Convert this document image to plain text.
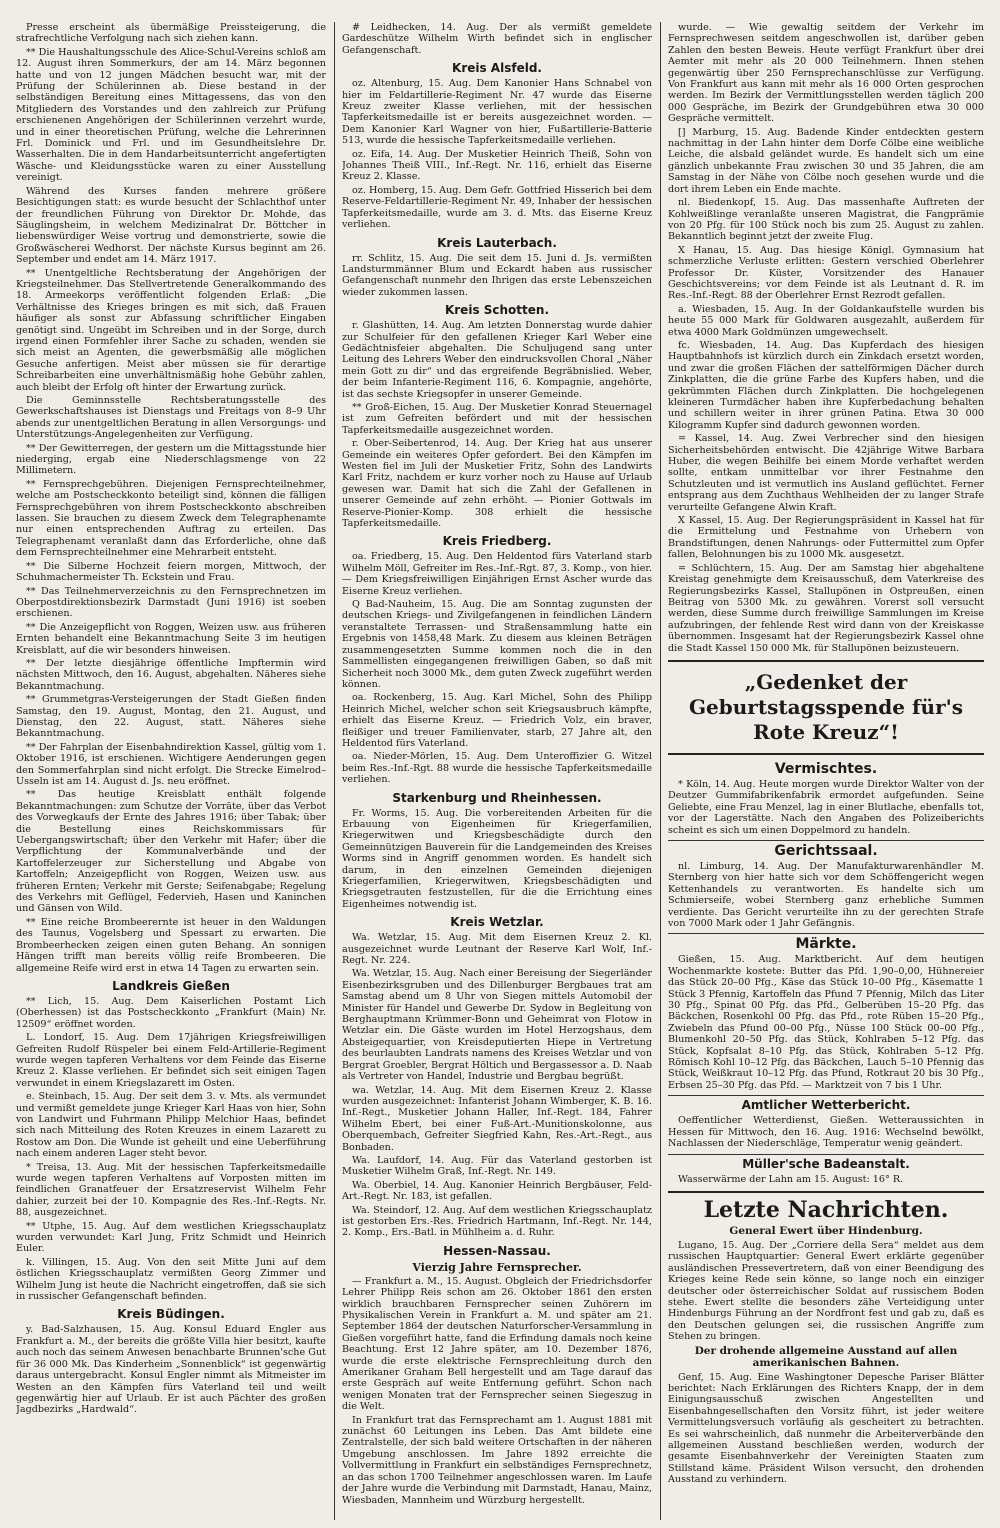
Presse erscheint als übermäßige Preissteigerung, die strafrechtliche Verfolgung nach sich ziehen kann.

** Die Haushaltungsschule des Alice-Schul-Vereins schloß am 12. August ihren Sommerkurs, der am 14. März begonnen hatte und von 12 jungen Mädchen besucht war, mit der Prüfung der Schülerinnen ab. Diese bestand in der selbständigen Bereitung eines Mittagessens, das von den Mitgliedern des Vorstandes und den zahlreich zur Prüfung erschienenen Angehörigen der Schülerinnen verzehrt wurde, und in einer theoretischen Prüfung, welche die Lehrerinnen Frl. Dominick und Frl. und im Gesundheitslehre Dr. Wasserhalten. Die in dem Handarbeitsunterricht angefertigten Wäsche- und Kleidungsstücke waren zu einer Ausstellung vereinigt.

Während des Kurses fanden mehrere größere Besichtigungen statt: es wurde besucht der Schlachthof unter der freundlichen Führung von Direktor Dr. Mohde, das Säuglingsheim, in welchem Medizinalrat Dr. Böttcher in liebenswürdiger Weise vortrug und demonstrierte, sowie die Großwäscherei Wedhorst. Der nächste Kursus beginnt am 26. September und endet am 14. März 1917.

** Unentgeltliche Rechtsberatung der Angehörigen der Kriegsteilnehmer. Das Stellvertretende Generalkommando des 18. Armeekorps veröffentlicht folgenden Erlaß: „Die Verhältnisse des Krieges bringen es mit sich, daß Frauen häufiger als sonst zur Abfassung schriftlicher Eingaben genötigt sind. Ungeübt im Schreiben und in der Sorge, durch irgend einen Formfehler ihrer Sache zu schaden, wenden sie sich meist an Agenten, die gewerbsmäßig alle möglichen Gesuche anfertigen. Meist aber müssen sie für derartige Schreibarbeiten eine unverhältnismäßig hohe Gebühr zahlen, auch bleibt der Erfolg oft hinter der Erwartung zurück.

Die Geminnsstelle Rechtsberatungsstelle des Gewerkschaftshauses ist Dienstags und Freitags von 8–9 Uhr abends zur unentgeltlichen Beratung in allen Versorgungs- und Unterstützungs-Angelegenheiten zur Verfügung.

** Der Gewitterregen, der gestern um die Mittagsstunde hier niederging, ergab eine Niederschlagsmenge von 22 Millimetern.

** Fernsprechgebühren. Diejenigen Fernsprechteilnehmer, welche am Postscheckkonto beteiligt sind, können die fälligen Fernsprechgebühren von ihrem Postscheckkonto abschreiben lassen. Sie brauchen zu diesem Zweck dem Telegraphenamte nur einen entsprechenden Auftrag zu erteilen. Das Telegraphenamt veranlaßt dann das Erforderliche, ohne daß dem Fernsprechteilnehmer eine Mehrarbeit entsteht.

** Die Silberne Hochzeit feiern morgen, Mittwoch, der Schuhmachermeister Th. Eckstein und Frau.

** Das Teilnehmerverzeichnis zu den Fernsprechnetzen im Oberpostdirektionsbezirk Darmstadt (Juni 1916) ist soeben erschienen.

** Die Anzeigepflicht von Roggen, Weizen usw. aus früheren Ernten behandelt eine Bekanntmachung Seite 3 im heutigen Kreisblatt, auf die wir besonders hinweisen.

** Der letzte diesjährige öffentliche Impftermin wird nächsten Mittwoch, den 16. August, abgehalten. Näheres siehe Bekanntmachung.

** Grummetgras-Versteigerungen der Stadt Gießen finden Samstag, den 19. August, Montag, den 21. August, und Dienstag, den 22. August, statt. Näheres siehe Bekanntmachung.

** Der Fahrplan der Eisenbahndirektion Kassel, gültig vom 1. Oktober 1916, ist erschienen. Wichtigere Aenderungen gegen den Sommerfahrplan sind nicht erfolgt. Die Strecke Eimelrod–Usseln ist am 14. August d. Js. neu eröffnet.

** Das heutige Kreisblatt enthält folgende Bekanntmachungen: zum Schutze der Vorräte, über das Verbot des Vorwegkaufs der Ernte des Jahres 1916; über Tabak; über die Bestellung eines Reichskommissars für Uebergangswirtschaft; über den Verkehr mit Hafer; über die Verpflichtung der Kommunalverbände und der Kartoffelerzeuger zur Sicherstellung und Abgabe von Kartoffeln; Anzeigepflicht von Roggen, Weizen usw. aus früheren Ernten; Verkehr mit Gerste; Seifenabgabe; Regelung des Verkehrs mit Geflügel, Federvieh, Hasen und Kaninchen und Gänsen von Wild.

** Eine reiche Brombeerernte ist heuer in den Waldungen des Taunus, Vogelsberg und Spessart zu erwarten. Die Brombeerhecken zeigen einen guten Behang. An sonnigen Hängen trifft man bereits völlig reife Brombeeren. Die allgemeine Reife wird erst in etwa 14 Tagen zu erwarten sein.

Landkreis Gießen

** Lich, 15. Aug. Dem Kaiserlichen Postamt Lich (Oberhessen) ist das Postscheckkonto „Frankfurt (Main) Nr. 12509“ eröffnet worden.

L. Londorf, 15. Aug. Dem 17jährigen Kriegsfreiwilligen Gefreiten Rudolf Rüspeler bei einem Feld-Artillerie-Regiment wurde wegen tapferen Verhaltens vor dem Feinde das Eiserne Kreuz 2. Klasse verliehen. Er befindet sich seit einigen Tagen verwundet in einem Kriegslazarett im Osten.

e. Steinbach, 15. Aug. Der seit dem 3. v. Mts. als vermundet und vermißt gemeldete junge Krieger Karl Haas von hier, Sohn von Landwirt und Fuhrmann Philipp Melchior Haas, befindet sich nach Mitteilung des Roten Kreuzes in einem Lazarett zu Rostow am Don. Die Wunde ist geheilt und eine Ueberführung nach einem anderen Lager steht bevor.

* Treisa, 13. Aug. Mit der hessischen Tapferkeitsmedaille wurde wegen tapferen Verhaltens auf Vorposten mitten im feindlichen Granatfeuer der Ersatzreservist Wilhelm Fehr dahier, zurzeit bei der 10. Kompagnie des Res.-Inf.-Regts. Nr. 88, ausgezeichnet.

** Utphe, 15. Aug. Auf dem westlichen Kriegsschauplatz wurden verwundet: Karl Jung, Fritz Schmidt und Heinrich Euler.

k. Villingen, 15. Aug. Von den seit Mitte Juni auf dem östlichen Kriegsschauplatz vermißten Georg Zimmer und Wilhelm Jung ist heute die Nachricht eingetroffen, daß sie sich in russischer Gefangenschaft befinden.

Kreis Büdingen.

y. Bad-Salzhausen, 15. Aug. Konsul Eduard Engler aus Frankfurt a. M., der bereits die größte Villa hier besitzt, kaufte auch noch das seinem Anwesen benachbarte Brunnen'sche Gut für 36 000 Mk. Das Kinderheim „Sonnenblick“ ist gegenwärtig daraus untergebracht. Konsul Engler nimmt als Mitmeister im Westen an den Kämpfen fürs Vaterland teil und weilt gegenwärtig hier auf Urlaub. Er ist auch Pächter des großen Jagdbezirks „Hardwald“.

# Leidhecken, 14. Aug. Der als vermißt gemeldete Gardeschütze Wilhelm Wirth befindet sich in englischer Gefangenschaft.

Kreis Alsfeld.

oz. Altenburg, 15. Aug. Dem Kanonier Hans Schnabel von hier im Feldartillerie-Regiment Nr. 47 wurde das Eiserne Kreuz zweiter Klasse verliehen, mit der hessischen Tapferkeitsmedaille ist er bereits ausgezeichnet worden. — Dem Kanonier Karl Wagner von hier, Fußartillerie-Batterie 513, wurde die hessische Tapferkeitsmedaille verliehen.

oz. Eifa, 14. Aug. Der Musketier Heinrich Theiß, Sohn von Johannes Theiß VIII., Inf.-Regt. Nr. 116, erhielt das Eiserne Kreuz 2. Klasse.

oz. Homberg, 15. Aug. Dem Gefr. Gottfried Hisserich bei dem Reserve-Feldartillerie-Regiment Nr. 49, Inhaber der hessischen Tapferkeitsmedaille, wurde am 3. d. Mts. das Eiserne Kreuz verliehen.

Kreis Lauterbach.

rr. Schlitz, 15. Aug. Die seit dem 15. Juni d. Js. vermißten Landsturmmänner Blum und Eckardt haben aus russischer Gefangenschaft nunmehr den Ihrigen das erste Lebenszeichen wieder zukommen lassen.

Kreis Schotten.

r. Glashütten, 14. Aug. Am letzten Donnerstag wurde dahier zur Schulfeier für den gefallenen Krieger Karl Weber eine Gedächtnisfeier abgehalten. Die Schuljugend sang unter Leitung des Lehrers Weber den eindrucksvollen Choral „Näher mein Gott zu dir“ und das ergreifende Begräbnislied. Weber, der beim Infanterie-Regiment 116, 6. Kompagnie, angehörte, ist das sechste Kriegsopfer in unserer Gemeinde.

** Groß-Eichen, 15. Aug. Der Musketier Konrad Steuernagel ist zum Gefreiten befördert und mit der hessischen Tapferkeitsmedaille ausgezeichnet worden.

r. Ober-Seibertenrod, 14. Aug. Der Krieg hat aus unserer Gemeinde ein weiteres Opfer gefordert. Bei den Kämpfen im Westen fiel im Juli der Musketier Fritz, Sohn des Landwirts Karl Fritz, nachdem er kurz vorher noch zu Hause auf Urlaub gewesen war. Damit hat sich die Zahl der Gefallenen in unserer Gemeinde auf zehn erhöht. — Pionier Gottwals im Reserve-Pionier-Komp. 308 erhielt die hessische Tapferkeitsmedaille.

Kreis Friedberg.

oa. Friedberg, 15. Aug. Den Heldentod fürs Vaterland starb Wilhelm Möll, Gefreiter im Res.-Inf.-Rgt. 87, 3. Komp., von hier. — Dem Kriegsfreiwilligen Einjährigen Ernst Ascher wurde das Eiserne Kreuz verliehen.

Q Bad-Nauheim, 15. Aug. Die am Sonntag zugunsten der deutschen Kriegs- und Zivilgefangenen in feindlichen Ländern veranstaltete Terrassen- und Straßensammlung hatte ein Ergebnis von 1458,48 Mark. Zu diesem aus kleinen Beträgen zusammengesetzten Summe kommen noch die in den Sammellisten eingegangenen freiwilligen Gaben, so daß mit Sicherheit noch 3000 Mk., dem guten Zweck zugeführt werden können.

oa. Rockenberg, 15. Aug. Karl Michel, Sohn des Philipp Heinrich Michel, welcher schon seit Kriegsausbruch kämpfte, erhielt das Eiserne Kreuz. — Friedrich Volz, ein braver, fleißiger und treuer Familienvater, starb, 27 Jahre alt, den Heldentod fürs Vaterland.

oa. Nieder-Mörlen, 15. Aug. Dem Unteroffizier G. Witzel beim Res.-Inf.-Rgt. 88 wurde die hessische Tapferkeitsmedaille verliehen.

Starkenburg und Rheinhessen.

Fr. Worms, 15. Aug. Die vorbereitenden Arbeiten für die Erbauung von Eigenheimen für Kriegerfamilien, Kriegerwitwen und Kriegsbeschädigte durch den Gemeinnützigen Bauverein für die Landgemeinden des Kreises Worms sind in Angriff genommen worden. Es handelt sich darum, in den einzelnen Gemeinden diejenigen Kriegerfamilien, Kriegerwitwen, Kriegsbeschädigten und Kriegsgetrauten festzustellen, für die die Errichtung eines Eigenheimes notwendig ist.

Kreis Wetzlar.

Wa. Wetzlar, 15. Aug. Mit dem Eisernen Kreuz 2. Kl. ausgezeichnet wurde Leutnant der Reserve Karl Wolf, Inf.-Regt. Nr. 224.

Wa. Wetzlar, 15. Aug. Nach einer Bereisung der Siegerländer Eisenbezirksgruben und des Dillenburger Bergbaues trat am Samstag abend um 8 Uhr von Siegen mittels Automobil der Minister für Handel und Gewerbe Dr. Sydow in Begleitung von Berghauptmann Krümmer-Bonn und Geheimrat von Flotow in Wetzlar ein. Die Gäste wurden im Hotel Herzogshaus, dem Absteigequartier, von Kreisdeputierten Hiepe in Vertretung des beurlaubten Landrats namens des Kreises Wetzlar und von Bergrat Groebler, Bergrat Höltich und Bergassessor a. D. Naab als Vertreter von Handel, Industrie und Bergbau begrüßt.

wa. Wetzlar, 14. Aug. Mit dem Eisernen Kreuz 2. Klasse wurden ausgezeichnet: Infanterist Johann Wimberger, K. B. 16. Inf.-Regt., Musketier Johann Haller, Inf.-Regt. 184, Fahrer Wilhelm Ebert, bei einer Fuß-Art.-Munitionskolonne, aus Oberquembach, Gefreiter Siegfried Kahn, Res.-Art.-Regt., aus Bonbaden.

Wa. Laufdorf, 14. Aug. Für das Vaterland gestorben ist Musketier Wilhelm Graß, Inf.-Regt. Nr. 149.

Wa. Oberbiel, 14. Aug. Kanonier Heinrich Bergbäuser, Feld-Art.-Regt. Nr. 183, ist gefallen.

Wa. Steindorf, 12. Aug. Auf dem westlichen Kriegsschauplatz ist gestorben Ers.-Res. Friedrich Hartmann, Inf.-Regt. Nr. 144, 2. Komp., Ers.-Batl. in Mühlheim a. d. Ruhr.

Hessen-Nassau.
Vierzig Jahre Fernsprecher.

— Frankfurt a. M., 15. August. Obgleich der Friedrichsdorfer Lehrer Philipp Reis schon am 26. Oktober 1861 den ersten wirklich brauchbaren Fernsprecher seinen Zuhörern im Physikalischen Verein in Frankfurt a. M. und später am 21. September 1864 der deutschen Naturforscher-Versammlung in Gießen vorgeführt hatte, fand die Erfindung damals noch keine Beachtung. Erst 12 Jahre später, am 10. Dezember 1876, wurde die erste elektrische Fernsprechleitung durch den Amerikaner Graham Bell hergestellt und am Tage darauf das erste Gespräch auf weite Entfernung geführt. Schon nach wenigen Monaten trat der Fernsprecher seinen Siegeszug in die Welt.

In Frankfurt trat das Fernsprechamt am 1. August 1881 mit zunächst 60 Leitungen ins Leben. Das Amt bildete eine Zentralstelle, der sich bald weitere Ortschaften in der näheren Umgebung anschlossen. Im Jahre 1892 erreichte die Vollvermittlung in Frankfurt ein selbständiges Fernsprechnetz, an das schon 1700 Teilnehmer angeschlossen waren. Im Laufe der Jahre wurde die Verbindung mit Darmstadt, Hanau, Mainz, Wiesbaden, Mannheim und Würzburg hergestellt.

wurde. — Wie gewaltig seitdem der Verkehr im Fernsprechwesen seitdem angeschwollen ist, darüber geben Zahlen den besten Beweis. Heute verfügt Frankfurt über drei Aemter mit mehr als 20 000 Teilnehmern. Ihnen stehen gegenwärtig über 250 Fernsprechanschlüsse zur Verfügung. Von Frankfurt aus kann mit mehr als 16 000 Orten gesprochen werden. Im Bezirk der Vermittlungsstellen werden täglich 200 000 Gespräche, im Bezirk der Grundgebühren etwa 30 000 Gespräche vermittelt.

[] Marburg, 15. Aug. Badende Kinder entdeckten gestern nachmittag in der Lahn hinter dem Dorfe Cölbe eine weibliche Leiche, die alsbald geländet wurde. Es handelt sich um eine gänzlich unbekannte Frau zwischen 30 und 35 Jahren, die am Samstag in der Nähe von Cölbe noch gesehen wurde und die dort ihrem Leben ein Ende machte.

nl. Biedenkopf, 15. Aug. Das massenhafte Auftreten der Kohlweißlinge veranlaßte unseren Magistrat, die Fangprämie von 20 Pfg. für 100 Stück noch bis zum 25. August zu zahlen. Bekanntlich beginnt jetzt der zweite Flug.

X Hanau, 15. Aug. Das hiesige Königl. Gymnasium hat schmerzliche Verluste erlitten: Gestern verschied Oberlehrer Professor Dr. Küster, Vorsitzender des Hanauer Geschichtsvereins; vor dem Feinde ist als Leutnant d. R. im Res.-Inf.-Regt. 88 der Oberlehrer Ernst Rezrodt gefallen.

a. Wiesbaden, 15. Aug. In der Goldankaufstelle wurden bis heute 55 000 Mark für Goldwaren ausgezahlt, außerdem für etwa 4000 Mark Goldmünzen umgewechselt.

fc. Wiesbaden, 14. Aug. Das Kupferdach des hiesigen Hauptbahnhofs ist kürzlich durch ein Zinkdach ersetzt worden, und zwar die großen Flächen der sattelförmigen Dächer durch Zinkplatten, die die grüne Farbe des Kupfers haben, und die gekrümmten Flächen durch Zinkplatten. Die hochgelegenen kleineren Turmdächer haben ihre Kupferbedachung behalten und schillern weiter in ihrer grünen Patina. Etwa 30 000 Kilogramm Kupfer sind dadurch gewonnen worden.

= Kassel, 14. Aug. Zwei Verbrecher sind den hiesigen Sicherheitsbehörden entwischt. Die 42jährige Witwe Barbara Huber, die wegen Beihilfe bei einem Morde verhaftet werden sollte, entkam unmittelbar vor ihrer Festnahme den Schutzleuten und ist vermutlich ins Ausland geflüchtet. Ferner entsprang aus dem Zuchthaus Wehlheiden der zu langer Strafe verurteilte Gefangene Alwin Kraft.

X Kassel, 15. Aug. Der Regierungspräsident in Kassel hat für die Ermittelung und Festnahme von Urhebern von Brandstiftungen, denen Nahrungs- oder Futtermittel zum Opfer fallen, Belohnungen bis zu 1000 Mk. ausgesetzt.

= Schlüchtern, 15. Aug. Der am Samstag hier abgehaltene Kreistag genehmigte dem Kreisausschuß, dem Vaterkreise des Regierungsbezirks Kassel, Stallupönen in Ostpreußen, einen Beitrag von 5300 Mk. zu gewähren. Vorerst soll versucht werden, diese Summe durch freiwillige Sammlungen im Kreise aufzubringen, der fehlende Rest wird dann von der Kreiskasse übernommen. Insgesamt hat der Regierungsbezirk Kassel ohne die Stadt Kassel 150 000 Mk. für Stallupönen beizusteuern.

„Gedenket der Geburtstagsspende für's Rote Kreuz“!
Vermischtes.

* Köln, 14. Aug. Heute morgen wurde Direktor Walter von der Deutzer Gummifabrikenfabrik ermordet aufgefunden. Seine Geliebte, eine Frau Menzel, lag in einer Blutlache, ebenfalls tot, vor der Lagerstätte. Nach den Angaben des Polizeiberichts scheint es sich um einen Doppelmord zu handeln.

Gerichtssaal.

nl. Limburg, 14. Aug. Der Manufakturwarenhändler M. Sternberg von hier hatte sich vor dem Schöffengericht wegen Kettenhandels zu verantworten. Es handelte sich um Schmierseife, wobei Sternberg ganz erhebliche Summen verdiente. Das Gericht verurteilte ihn zu der gerechten Strafe von 7000 Mark oder 1 Jahr Gefängnis.

Märkte.

Gießen, 15. Aug. Marktbericht. Auf dem heutigen Wochenmarkte kostete: Butter das Pfd. 1,90–0,00, Hühnereier das Stück 20–00 Pfg., Käse das Stück 10–00 Pfg., Käsematte 1 Stück 3 Pfennig, Kartoffeln das Pfund 7 Pfennig, Milch das Liter 30 Pfg., Spinat 00 Pfg. das Pfd., Gelberüben 15–20 Pfg. das Bäckchen, Rosenkohl 00 Pfg. das Pfd., rote Rüben 15–20 Pfg., Zwiebeln das Pfund 00–00 Pfg., Nüsse 100 Stück 00–00 Pfg., Blumenkohl 20–50 Pfg. das Stück, Kohlraben 5–12 Pfg. das Stück, Kopfsalat 8–10 Pfg. das Stück, Kohlraben 5–12 Pfg. Römisch Kohl 10–12 Pfg. das Bäckchen, Lauch 5–10 Pfennig das Stück, Weißkraut 10–12 Pfg. das Pfund, Rotkraut 20 bis 30 Pfg., Erbsen 25–30 Pfg. das Pfd. — Marktzeit von 7 bis 1 Uhr.

Amtlicher Wetterbericht.

Oeffentlicher Wetterdienst, Gießen. Wetteraussichten in Hessen für Mittwoch, den 16. Aug. 1916: Wechselnd bewölkt, Nachlassen der Niederschläge, Temperatur wenig geändert.

Müller'sche Badeanstalt.

Wasserwärme der Lahn am 15. August: 16° R.

Letzte Nachrichten.
General Ewert über Hindenburg.

Lugano, 15. Aug. Der „Corriere della Sera“ meldet aus dem russischen Hauptquartier: General Ewert erklärte gegenüber ausländischen Pressevertretern, daß von einer Beendigung des Krieges keine Rede sein könne, so lange noch ein einziger deutscher oder österreichischer Soldat auf russischem Boden stehe. Ewert stellte die besonders zähe Verteidigung unter Hindenburgs Führung an der Nordfront fest und gab zu, daß es den Deutschen gelungen sei, die russischen Angriffe zum Stehen zu bringen.

Der drohende allgemeine Ausstand auf allen amerikanischen Bahnen.

Genf, 15. Aug. Eine Washingtoner Depesche Pariser Blätter berichtet: Nach Erklärungen des Richters Knapp, der in dem Einigungsausschuß zwischen Angestellten und Eisenbahngesellschaften den Vorsitz führt, ist jeder weitere Vermittelungsversuch vorläufig als gescheitert zu betrachten. Es sei wahrscheinlich, daß nunmehr die Arbeiterverbände den allgemeinen Ausstand beschließen werden, wodurch der gesamte Eisenbahnverkehr der Vereinigten Staaten zum Stillstand käme. Präsident Wilson versucht, den drohenden Ausstand zu verhindern.
